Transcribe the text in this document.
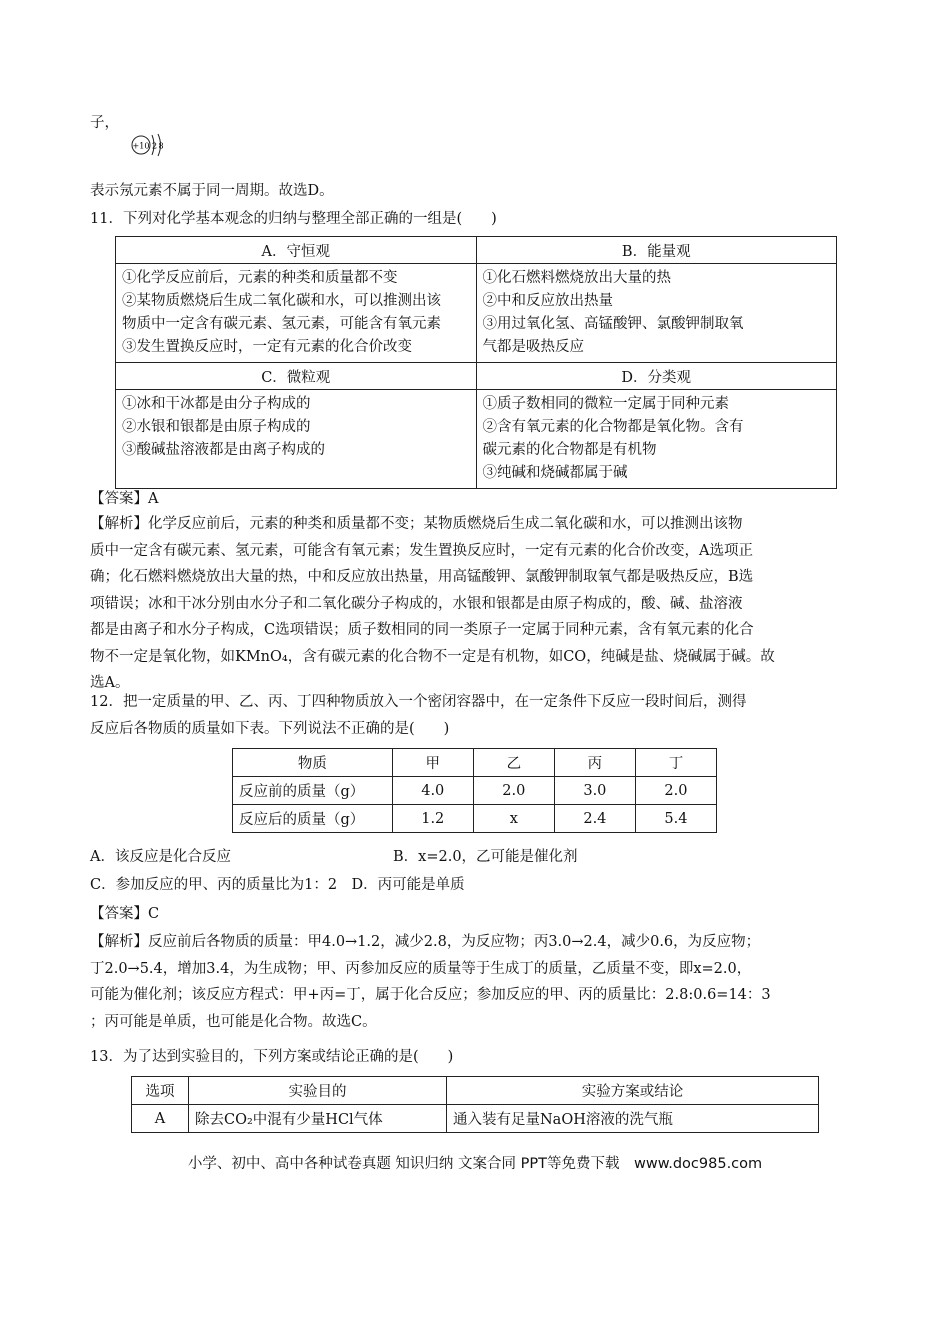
子，
+10 2 8
表示氖元素不属于同一周期。故选D。
11．下列对化学基本观念的归纳与整理全部正确的一组是(　　)
A．守恒观	B．能量观

①化学反应前后，元素的种类和质量都不变
②某物质燃烧后生成二氧化碳和水，可以推测出该
物质中一定含有碳元素、氢元素，可能含有氧元素
③发生置换反应时，一定有元素的化合价改变	①化石燃料燃烧放出大量的热
②中和反应放出热量
③用过氧化氢、高锰酸钾、氯酸钾制取氧
气都是吸热反应

C．微粒观	D．分类观

①冰和干冰都是由分子构成的
②水银和银都是由原子构成的
③酸碱盐溶液都是由离子构成的	①质子数相同的微粒一定属于同种元素
②含有氧元素的化合物都是氧化物。含有
碳元素的化合物都是有机物
③纯碱和烧碱都属于碱
【答案】A
【解析】化学反应前后，元素的种类和质量都不变；某物质燃烧后生成二氧化碳和水，可以推测出该物
质中一定含有碳元素、氢元素，可能含有氧元素；发生置换反应时，一定有元素的化合价改变，A选项正
确；化石燃料燃烧放出大量的热，中和反应放出热量，用高锰酸钾、氯酸钾制取氧气都是吸热反应，B选
项错误；冰和干冰分别由水分子和二氧化碳分子构成的，水银和银都是由原子构成的，酸、碱、盐溶液
都是由离子和水分子构成，C选项错误；质子数相同的同一类原子一定属于同种元素，含有氧元素的化合
物不一定是氧化物，如KMnO₄，含有碳元素的化合物不一定是有机物，如CO，纯碱是盐、烧碱属于碱。故
选A。
12．把一定质量的甲、乙、丙、丁四种物质放入一个密闭容器中，在一定条件下反应一段时间后，测得
反应后各物质的质量如下表。下列说法不正确的是(　　)
物质	甲	乙	丙	丁
反应前的质量（g）	4.0	2.0	3.0	2.0
反应后的质量（g）	1.2	x	2.4	5.4
A．该反应是化合反应	B．x=2.0，乙可能是催化剂
C．参加反应的甲、丙的质量比为1：2　D．丙可能是单质
【答案】C
【解析】反应前后各物质的质量：甲4.0→1.2，减少2.8，为反应物；丙3.0→2.4，减少0.6，为反应物；
丁2.0→5.4，增加3.4，为生成物；甲、丙参加反应的质量等于生成丁的质量，乙质量不变，即x=2.0，
可能为催化剂；该反应方程式：甲+丙=丁，属于化合反应；参加反应的甲、丙的质量比：2.8:0.6=14：3
；丙可能是单质，也可能是化合物。故选C。
13．为了达到实验目的，下列方案或结论正确的是(　　)
选项	实验目的	实验方案或结论
A	除去CO₂中混有少量HCl气体	通入装有足量NaOH溶液的洗气瓶
小学、初中、高中各种试卷真题 知识归纳 文案合同 PPT等免费下载　www.doc985.com
